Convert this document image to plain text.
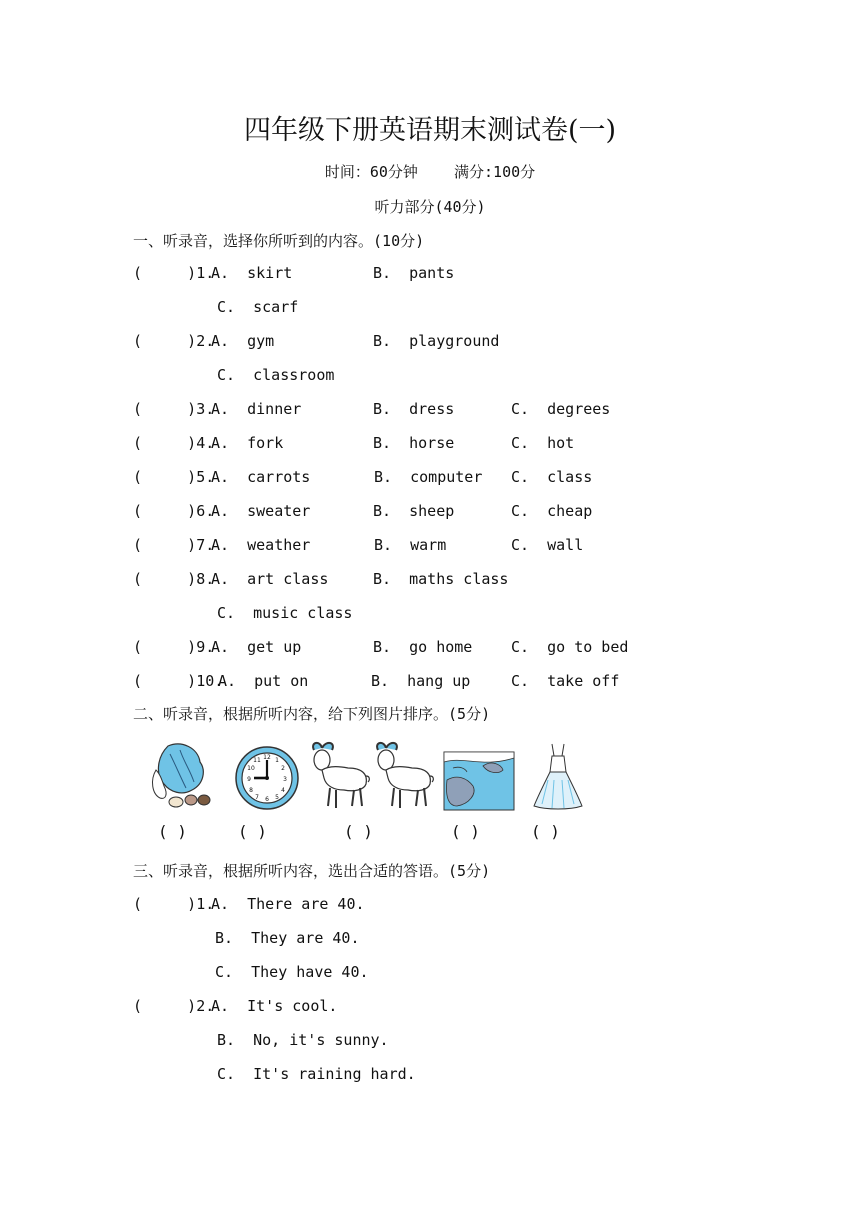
四年级下册英语期末测试卷(一)
时间：60分钟    满分:100分
听力部分(40分)
一、听录音，选择你所听到的内容。(10分)
(     )1.
A.  skirt	B.  pants
C.  scarf
(     )2.
A.  gym	B.  playground
C.  classroom
(     )3.
A.  dinner	B.  dress	C.  degrees
(     )4.
A.  fork	B.  horse	C.  hot
(     )5.
A.  carrots	B.  computer C.  class
(     )6.
A.  sweater	B.  sheep	C.  cheap
(     )7.
A.  weather	B.  warm	C.  wall
(     )8.
A.  art class	B.  maths class
C.  music class
(     )9.
A.  get up	B.  go home	C.  go to bed
(     )10.
A.  put on	B.  hang up	C.  take off
二、听录音，根据所听内容，给下列图片排序。(5分)
12
3
6
9
1
2
4
5
7
8
10
11
( )	( )	( )	( )	( )
三、听录音，根据所听内容，选出合适的答语。(5分)
(     )1.
A.  There are 40.
B.  They are 40.
C.  They have 40.
(     )2.
A.  It's cool.
B.  No, it's sunny.
C.  It's raining hard.
